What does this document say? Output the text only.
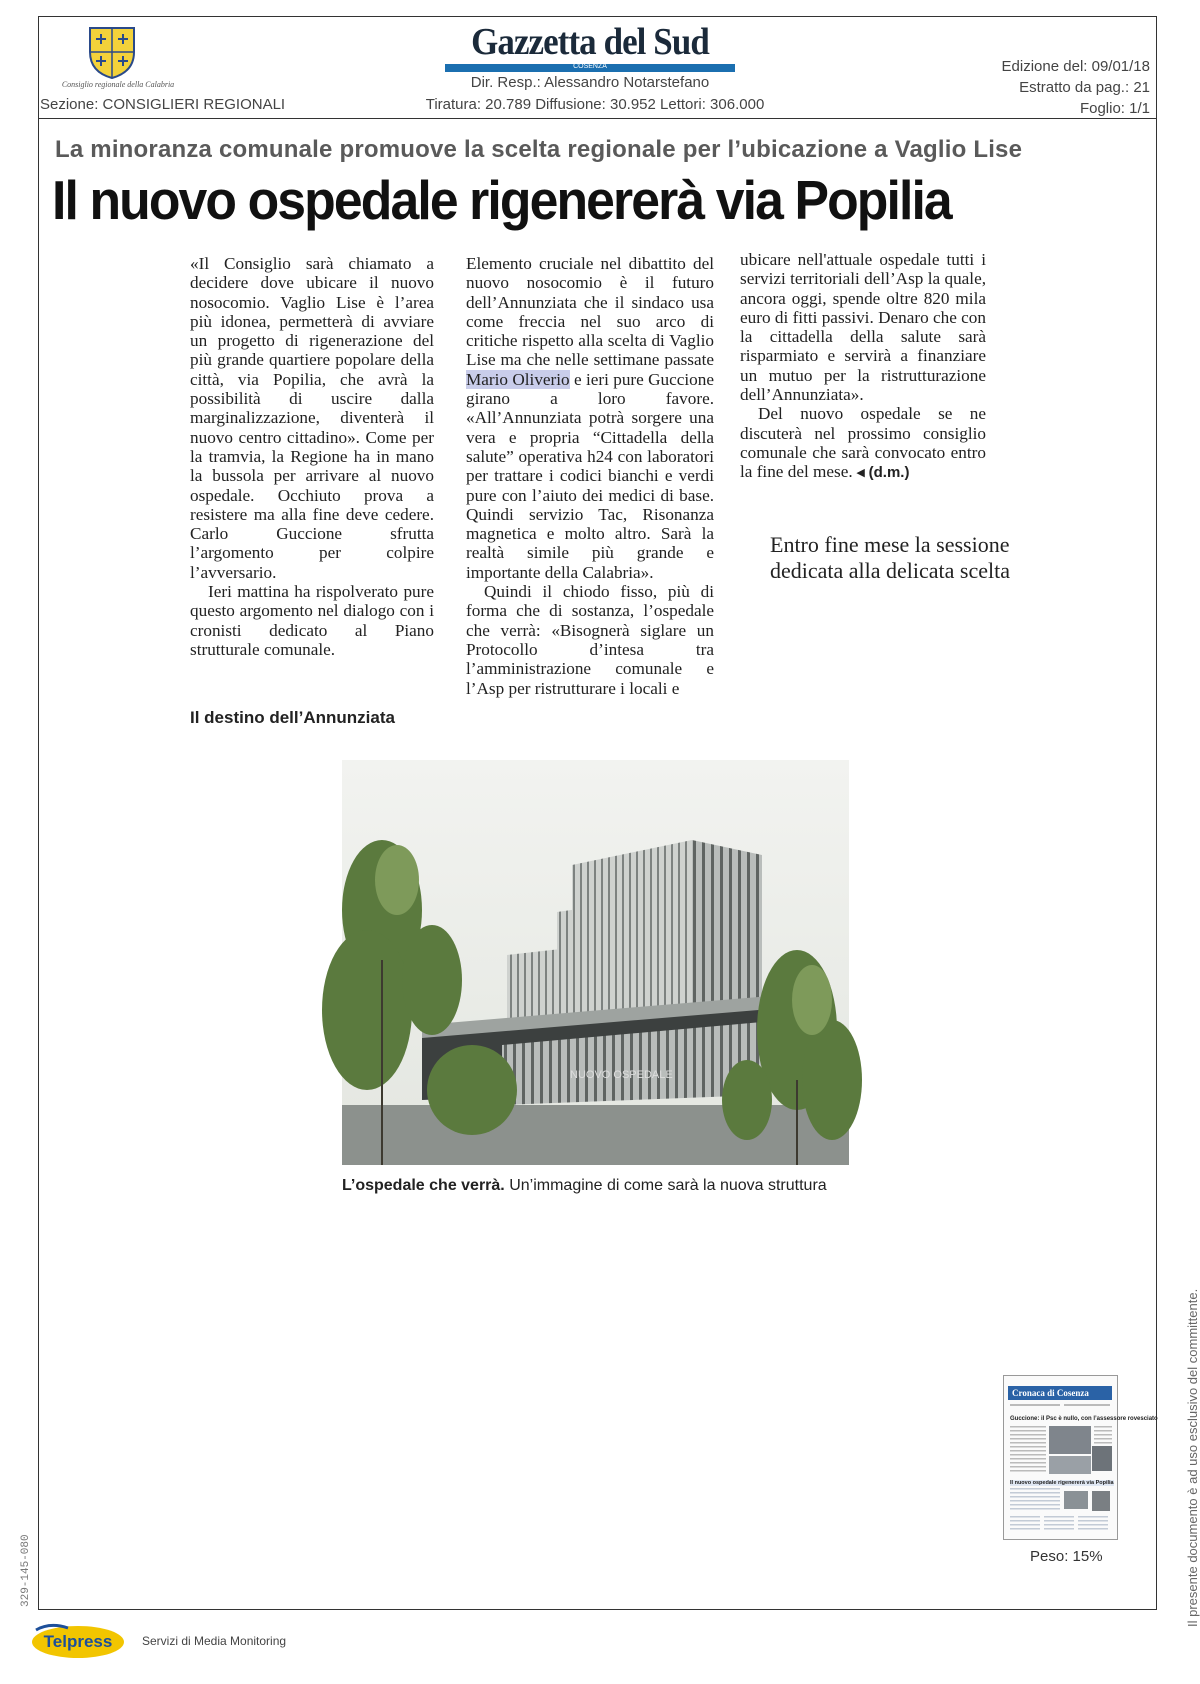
Consiglio regionale della Calabria
Gazzetta del Sud
COSENZA
Dir. Resp.: Alessandro Notarstefano
Sezione: CONSIGLIERI REGIONALI	Tiratura: 20.789 Diffusione: 30.952 Lettori: 306.000
Edizione del: 09/01/18
Estratto da pag.: 21
Foglio: 1/1
La minoranza comunale promuove la scelta regionale per l’ubicazione a Vaglio Lise
Il nuovo ospedale rigenererà via Popilia

«Il Consiglio sarà chiamato a decidere dove ubicare il nuovo nosocomio. Vaglio Lise è l’area più idonea, permetterà di avviare un progetto di rigenerazione del più grande quartiere popolare della città, via Popilia, che avrà la possibilità di uscire dalla marginalizzazione, diventerà il nuovo centro cittadino». Come per la tramvia, la Regione ha in mano la bussola per arrivare al nuovo ospedale. Occhiuto prova a resistere ma alla fine deve cedere. Carlo Guccione sfrutta l’argomento per colpire l’avversario.

Ieri mattina ha rispolverato pure questo argomento nel dialogo con i cronisti dedicato al Piano strutturale comunale.

Il destino dell’Annunziata

Elemento cruciale nel dibattito del nuovo nosocomio è il futuro dell’Annunziata che il sindaco usa come freccia nel suo arco di critiche rispetto alla scelta di Vaglio Lise ma che nelle settimane passate Mario Oliverio e ieri pure Guccione girano a loro favore. «All’Annunziata potrà sorgere una vera e propria “Cittadella della salute” operativa h24 con laboratori per trattare i codici bianchi e verdi pure con l’aiuto dei medici di base. Quindi servizio Tac, Risonanza magnetica e molto altro. Sarà la realtà simile più grande e importante della Calabria».

Quindi il chiodo fisso, più di forma che di sostanza, l’ospedale che verrà: «Bisognerà siglare un Protocollo d’intesa tra l’amministrazione comunale e l’Asp per ristrutturare i locali e

ubicare nell'attuale ospedale tutti i servizi territoriali dell’Asp la quale, ancora oggi, spende oltre 820 mila euro di fitti passivi. Denaro che con la cittadella della salute sarà risparmiato e servirà a finanziare un mutuo per la ristrutturazione dell’Annunziata».

Del nuovo ospedale se ne discuterà nel prossimo consiglio comunale che sarà convocato entro la fine del mese. ◂ (d.m.)

Entro fine mese la sessione dedicata alla delicata scelta
NUOVO OSPEDALE
L’ospedale che verrà. Un’immagine di come sarà la nuova struttura
Cronaca di Cosenza
Guccione: il Psc è nullo, con l’assessore rovesciato
Il nuovo ospedale rigenererà via Popilia
Peso: 15%	Il presente documento è ad uso esclusivo del committente.
329-145-080
Telpress Servizi di Media Monitoring
